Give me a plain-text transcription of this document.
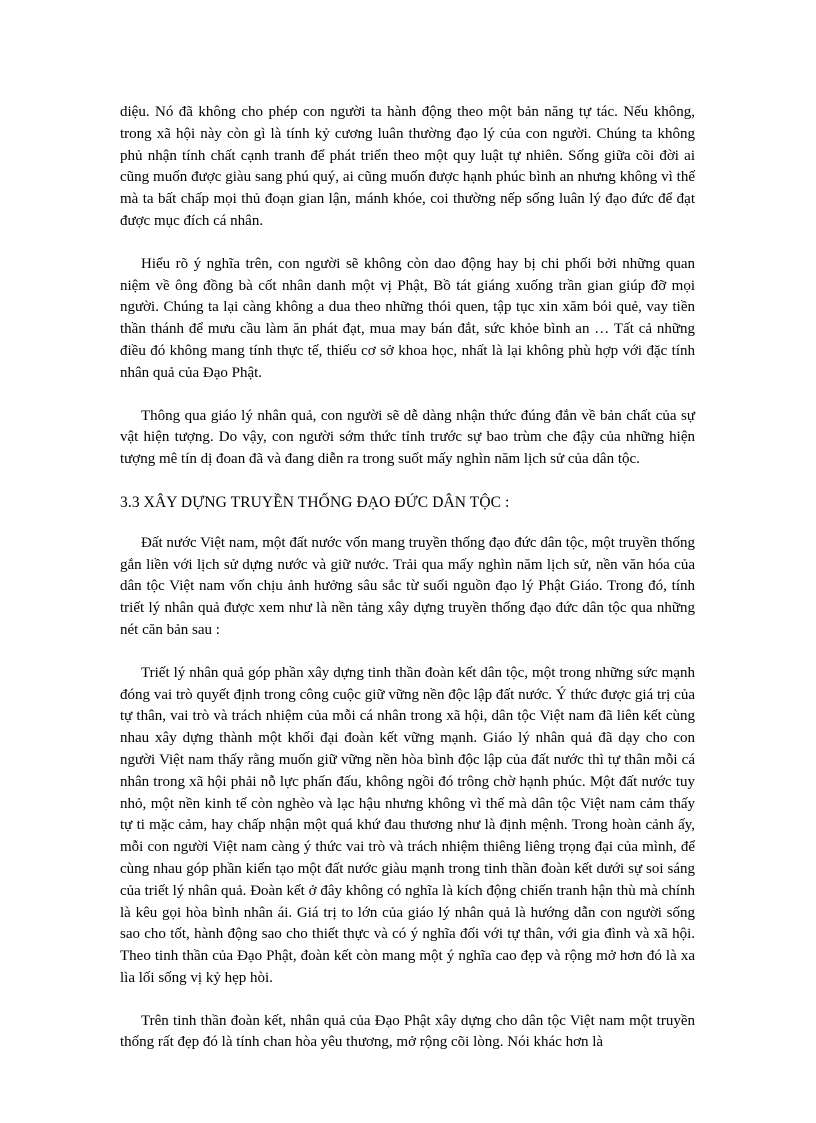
diệu. Nó đã không cho phép con người ta hành động theo một bản năng tự tác. Nếu không, trong xã hội này còn gì là tính kỷ cương luân thường đạo lý của con người. Chúng ta không phủ nhận tính chất cạnh tranh để phát triển theo một quy luật tự nhiên. Sống giữa cõi đời ai cũng muốn được giàu sang phú quý, ai cũng muốn được hạnh phúc bình an nhưng không vì thế mà ta bất chấp mọi thủ đoạn gian lận, mánh khóe, coi thường nếp sống luân lý đạo đức để đạt được mục đích cá nhân.

Hiểu rõ ý nghĩa trên, con người sẽ không còn dao động hay bị chi phối bởi những quan niệm về ông đồng bà cốt nhân danh một vị Phật, Bồ tát giáng xuống trần gian giúp đỡ mọi người. Chúng ta lại càng không a dua theo những thói quen, tập tục xin xăm bói quẻ, vay tiền thần thánh để mưu cầu làm ăn phát đạt, mua may bán đắt, sức khỏe bình an … Tất cả những điều đó không mang tính thực tế, thiếu cơ sở khoa học, nhất là lại không phù hợp với đặc tính nhân quả của Đạo Phật.

Thông qua giáo lý nhân quả, con người sẽ dễ dàng nhận thức đúng đắn về bản chất của sự vật hiện tượng. Do vậy, con người sớm thức tỉnh trước sự bao trùm che đậy của những hiện tượng mê tín dị đoan đã và đang diễn ra trong suốt mấy nghìn năm lịch sử của dân tộc.

3.3 XÂY DỰNG TRUYỀN THỐNG ĐẠO ĐỨC DÂN TỘC :

Đất nước Việt nam, một đất nước vốn mang truyền thống đạo đức dân tộc, một truyền thống gắn liền với lịch sử dựng nước và giữ nước. Trải qua mấy nghìn năm lịch sử, nền văn hóa của dân tộc Việt nam vốn chịu ảnh hưởng sâu sắc từ suối nguồn đạo lý Phật Giáo. Trong đó, tính triết lý nhân quả được xem như là nền tảng xây dựng truyền thống đạo đức dân tộc qua những nét căn bản sau :

Triết lý nhân quả góp phần xây dựng tinh thần đoàn kết dân tộc, một trong những sức mạnh đóng vai trò quyết định trong công cuộc giữ vững nền độc lập đất nước. Ý thức được giá trị của tự thân, vai trò và trách nhiệm của mỗi cá nhân trong xã hội, dân tộc Việt nam đã liên kết cùng nhau xây dựng thành một khối đại đoàn kết vững mạnh. Giáo lý nhân quả đã dạy cho con người Việt nam thấy rằng muốn giữ vững nền hòa bình độc lập của đất nước thì tự thân mỗi cá nhân trong xã hội phải nỗ lực phấn đấu, không ngồi đó trông chờ hạnh phúc. Một đất nước tuy nhỏ, một nền kinh tế còn nghèo và lạc hậu nhưng không vì thế mà dân tộc Việt nam cảm thấy tự ti mặc cảm, hay chấp nhận một quá khứ đau thương như là định mệnh. Trong hoàn cảnh ấy, mỗi con người Việt nam càng ý thức vai trò và trách nhiệm thiêng liêng trọng đại của mình, để cùng nhau góp phần kiến tạo một đất nước giàu mạnh trong tinh thần đoàn kết dưới sự soi sáng của triết lý nhân quả. Đoàn kết ở đây không có nghĩa là kích động chiến tranh hận thù mà chính là kêu gọi hòa bình nhân ái. Giá trị to lớn của giáo lý nhân quả là hướng dẫn con người sống sao cho tốt, hành động sao cho thiết thực và có ý nghĩa đối với tự thân, với gia đình và xã hội. Theo tinh thần của Đạo Phật, đoàn kết còn mang một ý nghĩa cao đẹp và rộng mở hơn đó là xa lìa lối sống vị kỷ hẹp hòi.

Trên tinh thần đoàn kết, nhân quả của Đạo Phật xây dựng cho dân tộc Việt nam một truyền thống rất đẹp đó là tính chan hòa yêu thương, mở rộng cõi lòng. Nói khác hơn là
